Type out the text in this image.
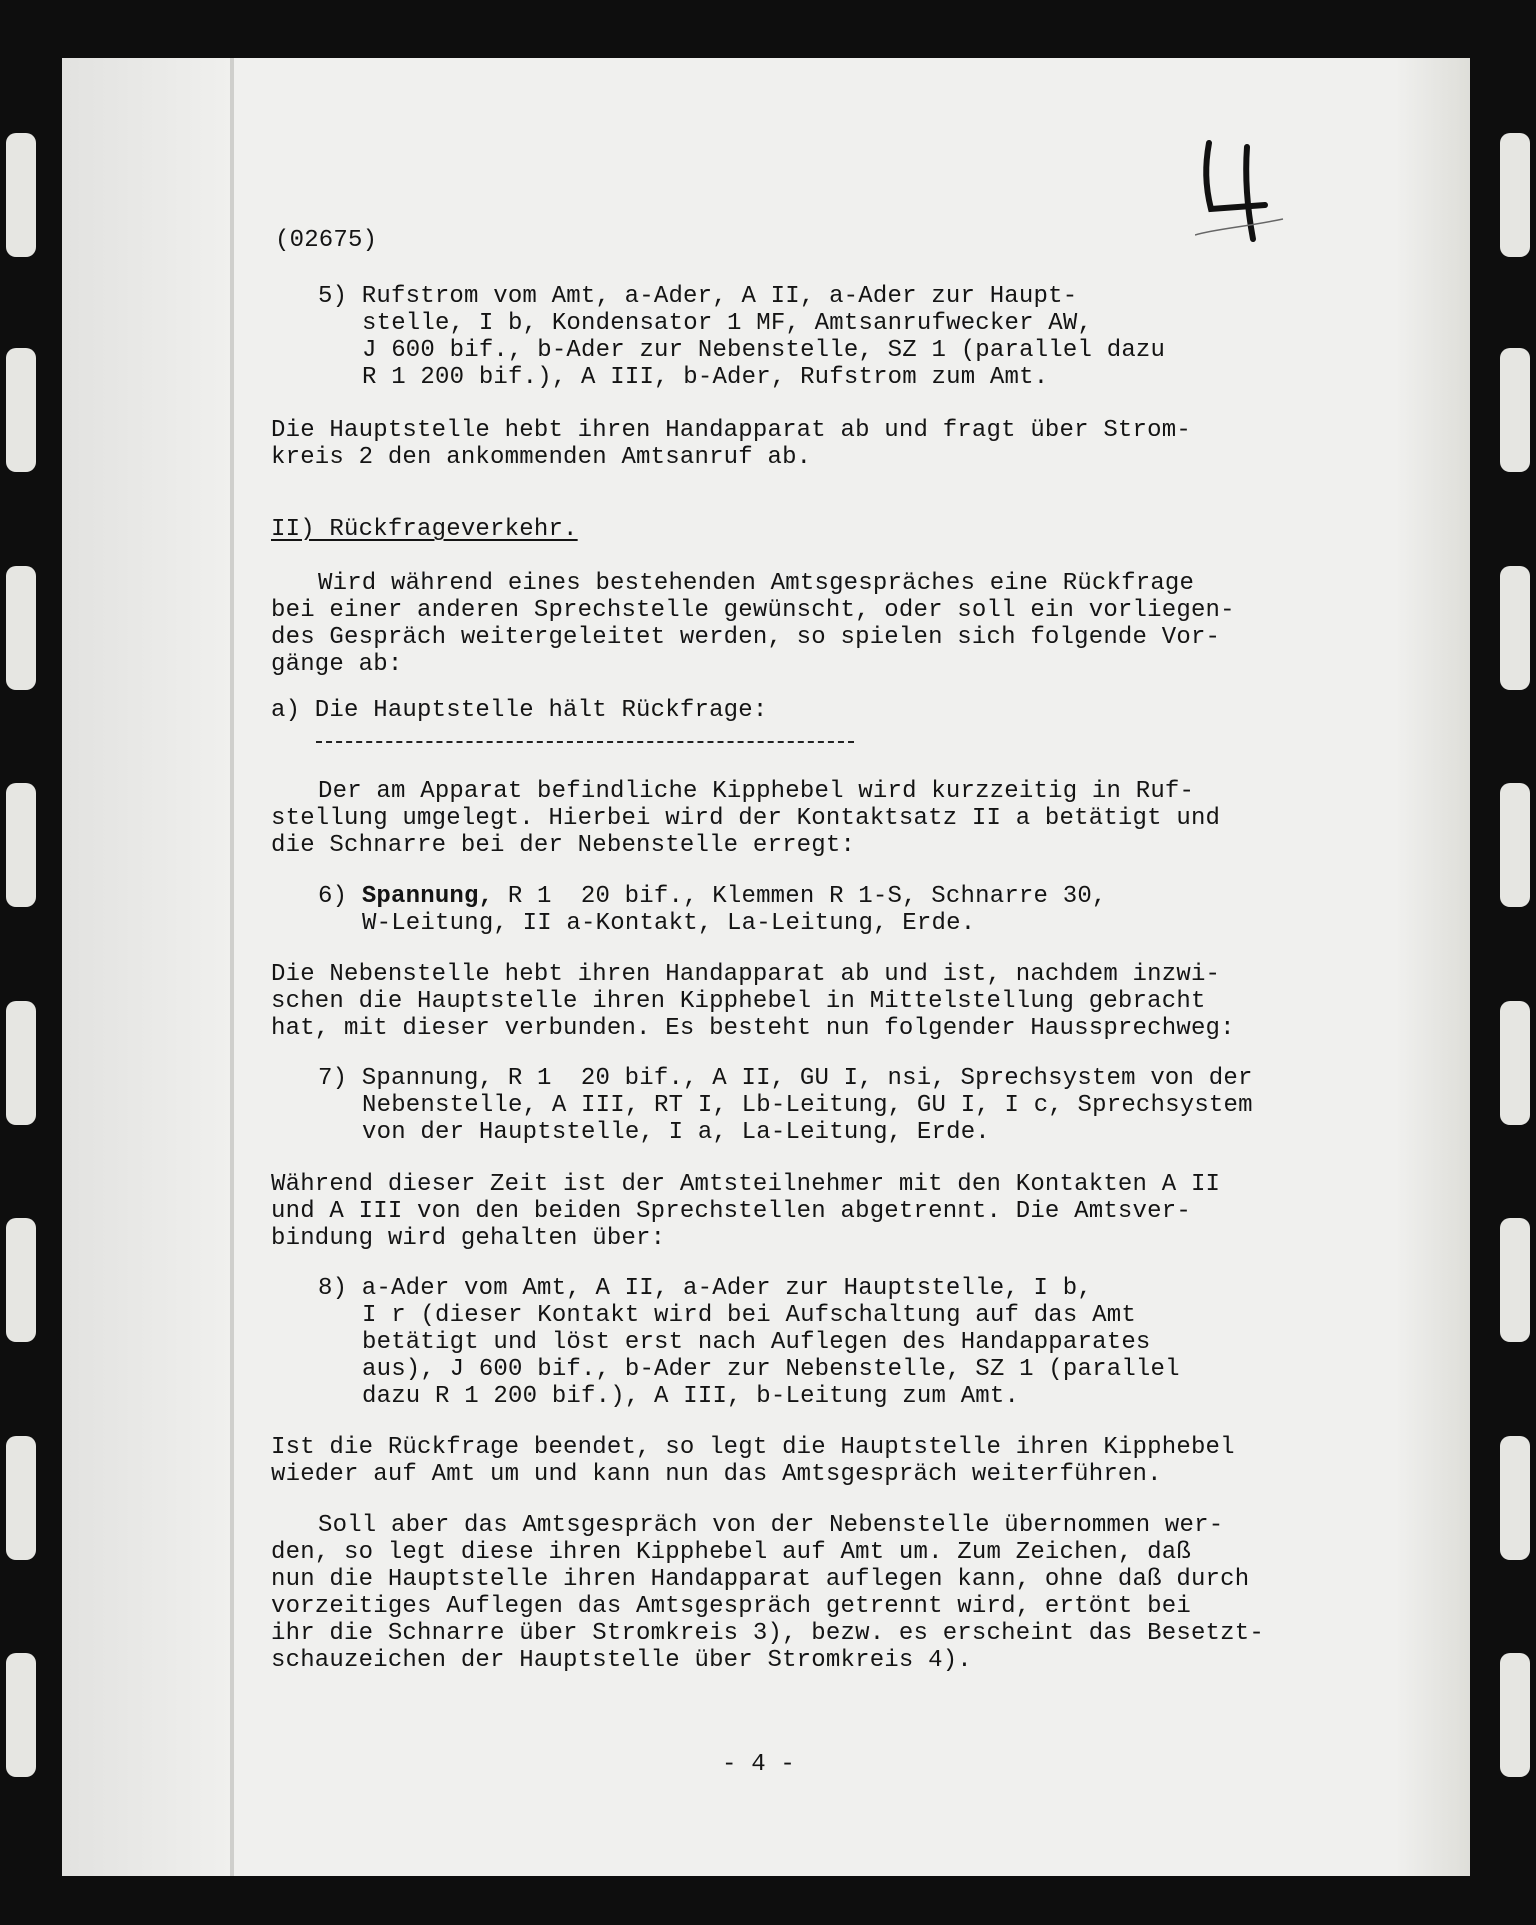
(02675)
5) Rufstrom vom Amt, a-Ader, A II, a-Ader zur Haupt-
stelle, I b, Kondensator 1 MF, Amtsanrufwecker AW,
J 600 bif., b-Ader zur Nebenstelle, SZ 1 (parallel dazu
R 1 200 bif.), A III, b-Ader, Rufstrom zum Amt.
Die Hauptstelle hebt ihren Handapparat ab und fragt über Strom-
kreis 2 den ankommenden Amtsanruf ab.
II) Rückfrageverkehr.
Wird während eines bestehenden Amtsgespräches eine Rückfrage
bei einer anderen Sprechstelle gewünscht, oder soll ein vorliegen-
des Gespräch weitergeleitet werden, so spielen sich folgende Vor-
gänge ab:
a) Die Hauptstelle hält Rückfrage:
Der am Apparat befindliche Kipphebel wird kurzzeitig in Ruf-
stellung umgelegt. Hierbei wird der Kontaktsatz II a betätigt und
die Schnarre bei der Nebenstelle erregt:
6) Spannung, R 1  20 bif., Klemmen R 1-S, Schnarre 30,
W-Leitung, II a-Kontakt, La-Leitung, Erde.
Die Nebenstelle hebt ihren Handapparat ab und ist, nachdem inzwi-
schen die Hauptstelle ihren Kipphebel in Mittelstellung gebracht
hat, mit dieser verbunden. Es besteht nun folgender Haussprechweg:
7) Spannung, R 1  20 bif., A II, GU I, nsi, Sprechsystem von der
Nebenstelle, A III, RT I, Lb-Leitung, GU I, I c, Sprechsystem
von der Hauptstelle, I a, La-Leitung, Erde.
Während dieser Zeit ist der Amtsteilnehmer mit den Kontakten A II
und A III von den beiden Sprechstellen abgetrennt. Die Amtsver-
bindung wird gehalten über:
8) a-Ader vom Amt, A II, a-Ader zur Hauptstelle, I b,
I r (dieser Kontakt wird bei Aufschaltung auf das Amt
betätigt und löst erst nach Auflegen des Handapparates
aus), J 600 bif., b-Ader zur Nebenstelle, SZ 1 (parallel
dazu R 1 200 bif.), A III, b-Leitung zum Amt.
Ist die Rückfrage beendet, so legt die Hauptstelle ihren Kipphebel
wieder auf Amt um und kann nun das Amtsgespräch weiterführen.
Soll aber das Amtsgespräch von der Nebenstelle übernommen wer-
den, so legt diese ihren Kipphebel auf Amt um. Zum Zeichen, daß
nun die Hauptstelle ihren Handapparat auflegen kann, ohne daß durch
vorzeitiges Auflegen das Amtsgespräch getrennt wird, ertönt bei
ihr die Schnarre über Stromkreis 3), bezw. es erscheint das Besetzt-
schauzeichen der Hauptstelle über Stromkreis 4).
- 4 -
